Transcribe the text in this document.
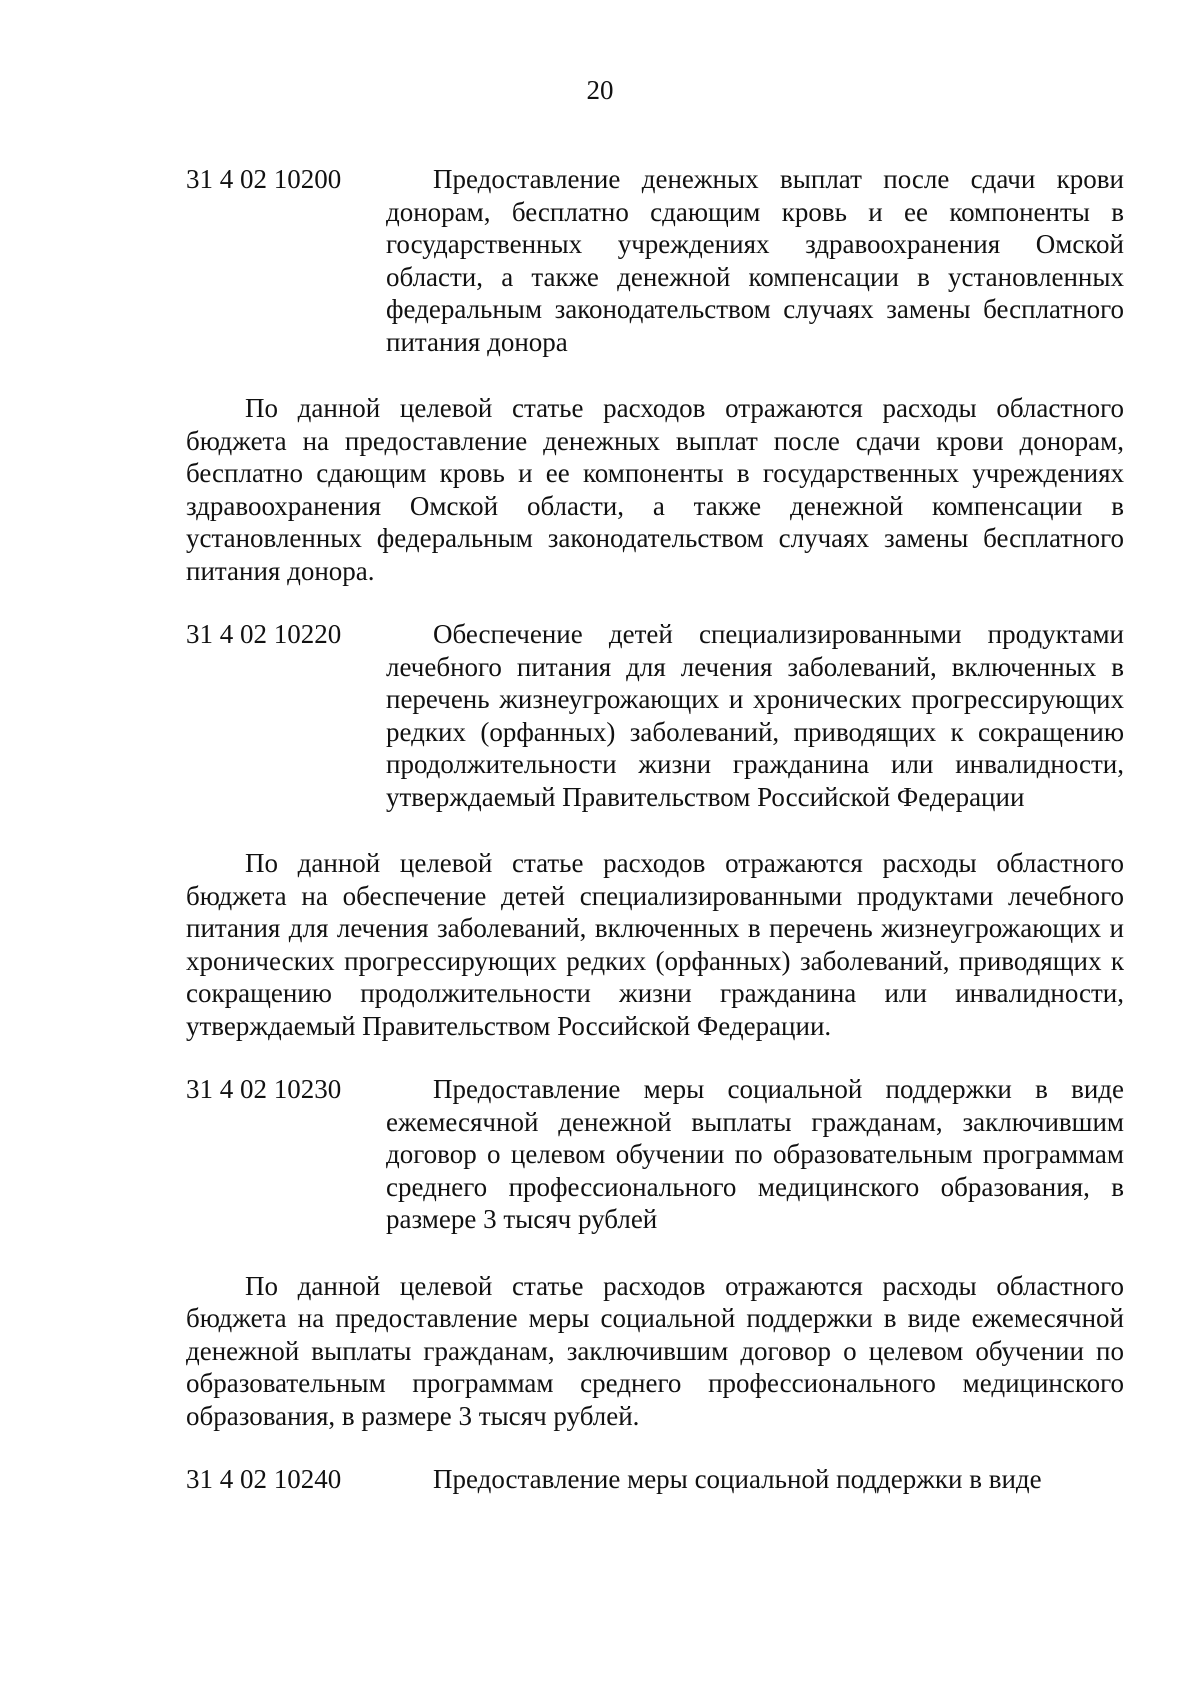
20
31 4 02 10200	Предоставление денежных выплат после сдачи крови донорам, бесплатно сдающим кровь и ее компоненты в государственных учреждениях здравоохранения Омской области, а также денежной компенсации в установленных федеральным законодательством случаях замены бесплатного питания донора

По данной целевой статье расходов отражаются расходы областного бюджета на предоставление денежных выплат после сдачи крови донорам, бесплатно сдающим кровь и ее компоненты в государственных учреждениях здравоохранения Омской области, а также денежной компенсации в установленных федеральным законодательством случаях замены бесплатного питания донора.

31 4 02 10220	Обеспечение детей специализированными продуктами лечебного питания для лечения заболеваний, включенных в перечень жизнеугрожающих и хронических прогрессирующих редких (орфанных) заболеваний, приводящих к сокращению продолжительности жизни гражданина или инвалидности, утверждаемый Правительством Российской Федерации

По данной целевой статье расходов отражаются расходы областного бюджета на обеспечение детей специализированными продуктами лечебного питания для лечения заболеваний, включенных в перечень жизнеугрожающих и хронических прогрессирующих редких (орфанных) заболеваний, приводящих к сокращению продолжительности жизни гражданина или инвалидности, утверждаемый Правительством Российской Федерации.

31 4 02 10230	Предоставление меры социальной поддержки в виде ежемесячной денежной выплаты гражданам, заключившим договор о целевом обучении по образовательным программам среднего профессионального медицинского образования, в размере 3 тысяч рублей

По данной целевой статье расходов отражаются расходы областного бюджета на предоставление меры социальной поддержки в виде ежемесячной денежной выплаты гражданам, заключившим договор о целевом обучении по образовательным программам среднего профессионального медицинского образования, в размере 3 тысяч рублей.

31 4 02 10240	Предоставление меры социальной поддержки в виде
